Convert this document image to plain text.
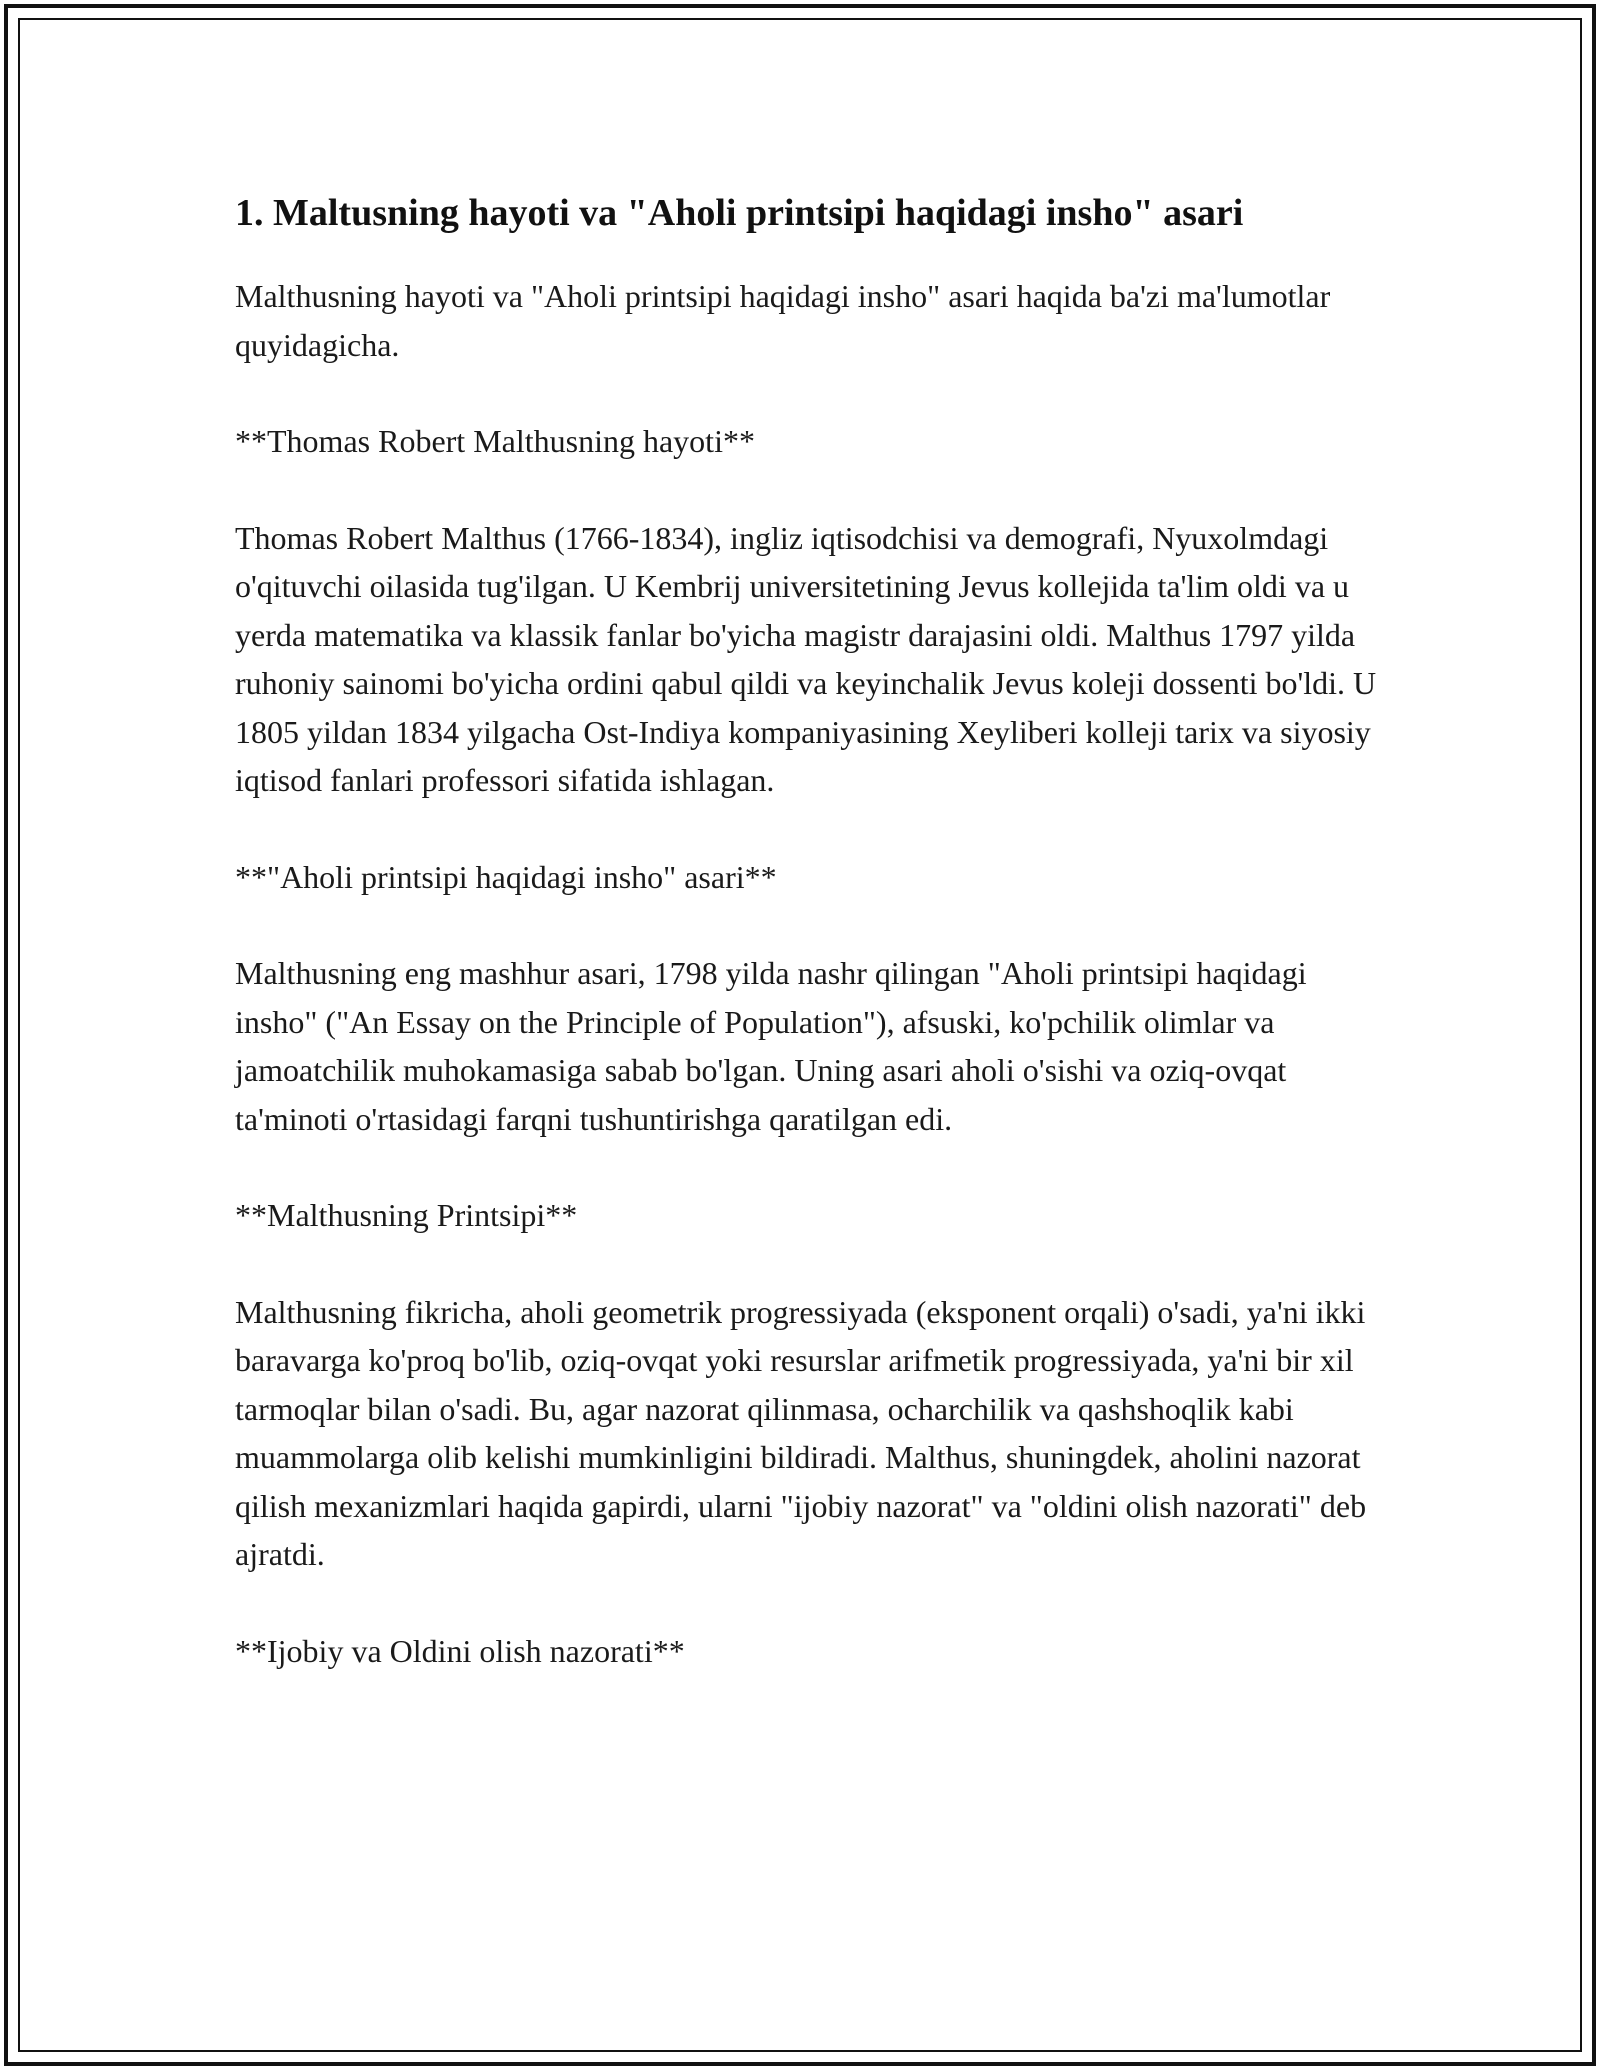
1. Maltusning hayoti va "Aholi printsipi haqidagi insho" asari

Malthusning hayoti va "Aholi printsipi haqidagi insho" asari haqida ba'zi ma'lumotlar quyidagicha.

**Thomas Robert Malthusning hayoti**

Thomas Robert Malthus (1766-1834), ingliz iqtisodchisi va demografi, Nyuxolmdagi o'qituvchi oilasida tug'ilgan. U Kembrij universitetining Jevus kollejida ta'lim oldi va u yerda matematika va klassik fanlar bo'yicha magistr darajasini oldi. Malthus 1797 yilda ruhoniy sainomi bo'yicha ordini qabul qildi va keyinchalik Jevus koleji dossenti bo'ldi. U 1805 yildan 1834 yilgacha Ost-Indiya kompaniyasining Xeyliberi kolleji tarix va siyosiy iqtisod fanlari professori sifatida ishlagan.

**"Aholi printsipi haqidagi insho" asari**

Malthusning eng mashhur asari, 1798 yilda nashr qilingan "Aholi printsipi haqidagi insho" ("An Essay on the Principle of Population"), afsuski, ko'pchilik olimlar va jamoatchilik muhokamasiga sabab bo'lgan. Uning asari aholi o'sishi va oziq-ovqat ta'minoti o'rtasidagi farqni tushuntirishga qaratilgan edi.

**Malthusning Printsipi**

Malthusning fikricha, aholi geometrik progressiyada (eksponent orqali) o'sadi, ya'ni ikki baravarga ko'proq bo'lib, oziq-ovqat yoki resurslar arifmetik progressiyada, ya'ni bir xil tarmoqlar bilan o'sadi. Bu, agar nazorat qilinmasa, ocharchilik va qashshoqlik kabi muammolarga olib kelishi mumkinligini bildiradi. Malthus, shuningdek, aholini nazorat qilish mexanizmlari haqida gapirdi, ularni "ijobiy nazorat" va "oldini olish nazorati" deb ajratdi.

**Ijobiy va Oldini olish nazorati**
